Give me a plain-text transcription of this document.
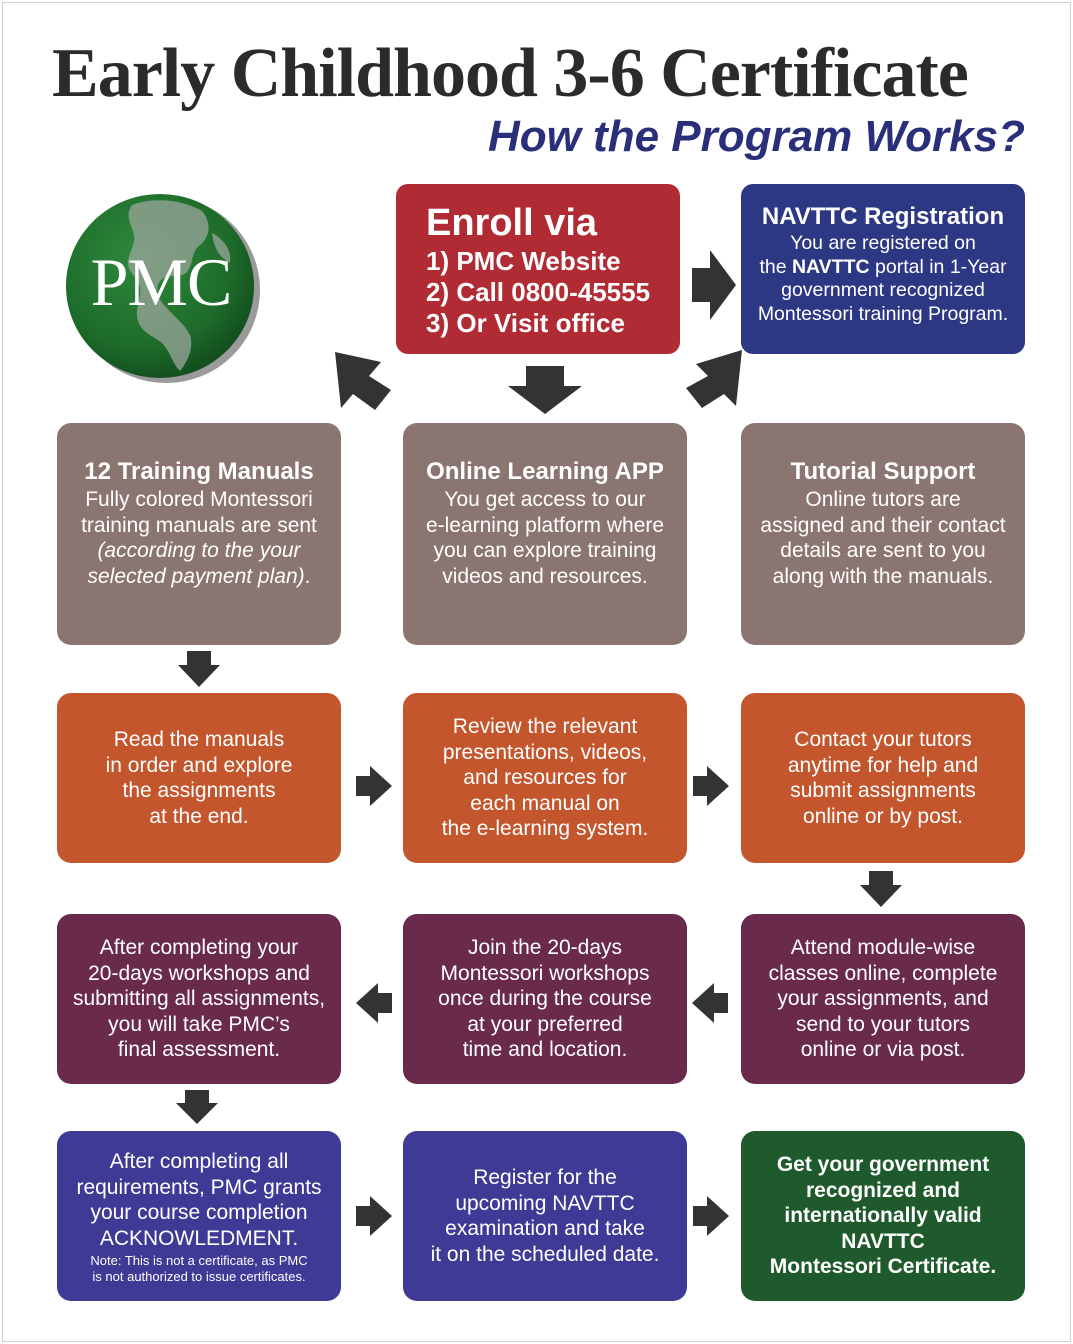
Early Childhood 3-6 Certificate
How the Program Works?
PMC
Enroll via
1) PMC Website
2) Call 0800-45555
3) Or Visit office
NAVTTC Registration
You are registered on
the NAVTTC portal in 1-Year
government recognized
Montessori training Program.
12 Training Manuals
Fully colored Montessori
training manuals are sent
(according to the your
selected payment plan).
Online Learning APP
You get access to our
e-learning platform where
you can explore training
videos and resources.
Tutorial Support
Online tutors are
assigned and their contact
details are sent to you
along with the manuals.
Read the manuals
in order and explore
the assignments
at the end.
Review the relevant
presentations, videos,
and resources for
each manual on
the e-learning system.
Contact your tutors
anytime for help and
submit assignments
online or by post.
After completing your
20-days workshops and
submitting all assignments,
you will take PMC’s
final assessment.
Join the 20-days
Montessori workshops
once during the course
at your preferred
time and location.
Attend module-wise
classes online, complete
your assignments, and
send to your tutors
online or via post.
After completing all
requirements, PMC grants
your course completion
ACKNOWLEDMENT.
Note: This is not a certificate, as PMC
is not authorized to issue certificates.
Register for the
upcoming NAVTTC
examination and take
it on the scheduled date.
Get your government
recognized and
internationally valid
NAVTTC
Montessori Certificate.
